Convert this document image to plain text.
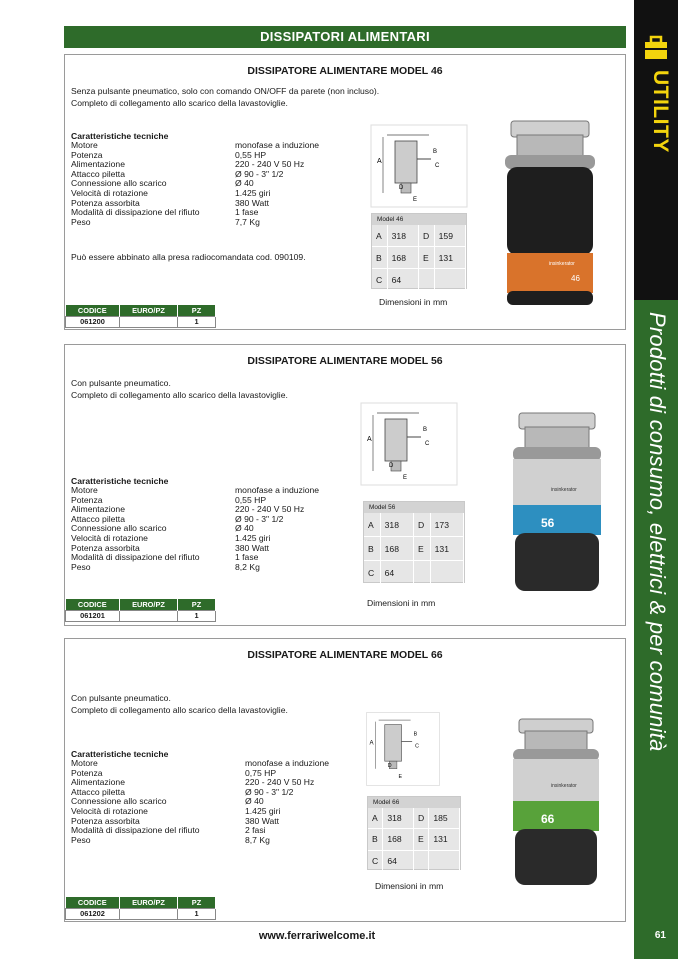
DISSIPATORI ALIMENTARI
UTILITY
Prodotti di consumo, elettrici & per comunità
61
DISSIPATORE ALIMENTARE MODEL 46
Senza pulsante pneumatico, solo con comando ON/OFF da parete (non incluso).
Completo di collegamento allo scarico della lavastoviglie.
Caratteristiche tecniche
Motore	monofase a induzione
Potenza	0,55 HP
Alimentazione	220 - 240 V 50 Hz
Attacco piletta	Ø 90 - 3" 1/2
Connessione allo scarico	Ø 40
Velocità di rotazione	1.425 giri
Potenza assorbita	380 Watt
Modalità di dissipazione del rifiuto	1 fase
Peso	7,7 Kg
Può essere abbinato alla presa radiocomandata cod. 090109.
A
B
C
D
E
Model 46
A	318	D	159
B	168	E	131
C	64
Dimensioni in mm
46
insinkerator
CODICE	EURO/PZ	PZ
061200		1
DISSIPATORE ALIMENTARE MODEL 56
Con pulsante pneumatico.
Completo di collegamento allo scarico della lavastoviglie.
Caratteristiche tecniche
Motore	monofase a induzione
Potenza	0,55 HP
Alimentazione	220 - 240 V 50 Hz
Attacco piletta	Ø 90 - 3" 1/2
Connessione allo scarico	Ø 40
Velocità di rotazione	1.425 giri
Potenza assorbita	380 Watt
Modalità di dissipazione del rifiuto	1 fase
Peso	8,2 Kg
A
B
C
D
E
Model 56
A	318	D	173
B	168	E	131
C	64
Dimensioni in mm
insinkerator
56
CODICE	EURO/PZ	PZ
061201		1
DISSIPATORE ALIMENTARE MODEL 66
Con pulsante pneumatico.
Completo di collegamento allo scarico della lavastoviglie.
Caratteristiche tecniche
Motore	monofase a induzione
Potenza	0,75 HP
Alimentazione	220 - 240 V 50 Hz
Attacco piletta	Ø 90 - 3" 1/2
Connessione allo scarico	Ø 40
Velocità di rotazione	1.425 giri
Potenza assorbita	380 Watt
Modalità di dissipazione del rifiuto	2 fasi
Peso	8,7 Kg
A
B
C
D
E
Model 66
A	318	D	185
B	168	E	131
C	64
Dimensioni in mm
insinkerator
66
CODICE	EURO/PZ	PZ
061202		1
www.ferrariwelcome.it
